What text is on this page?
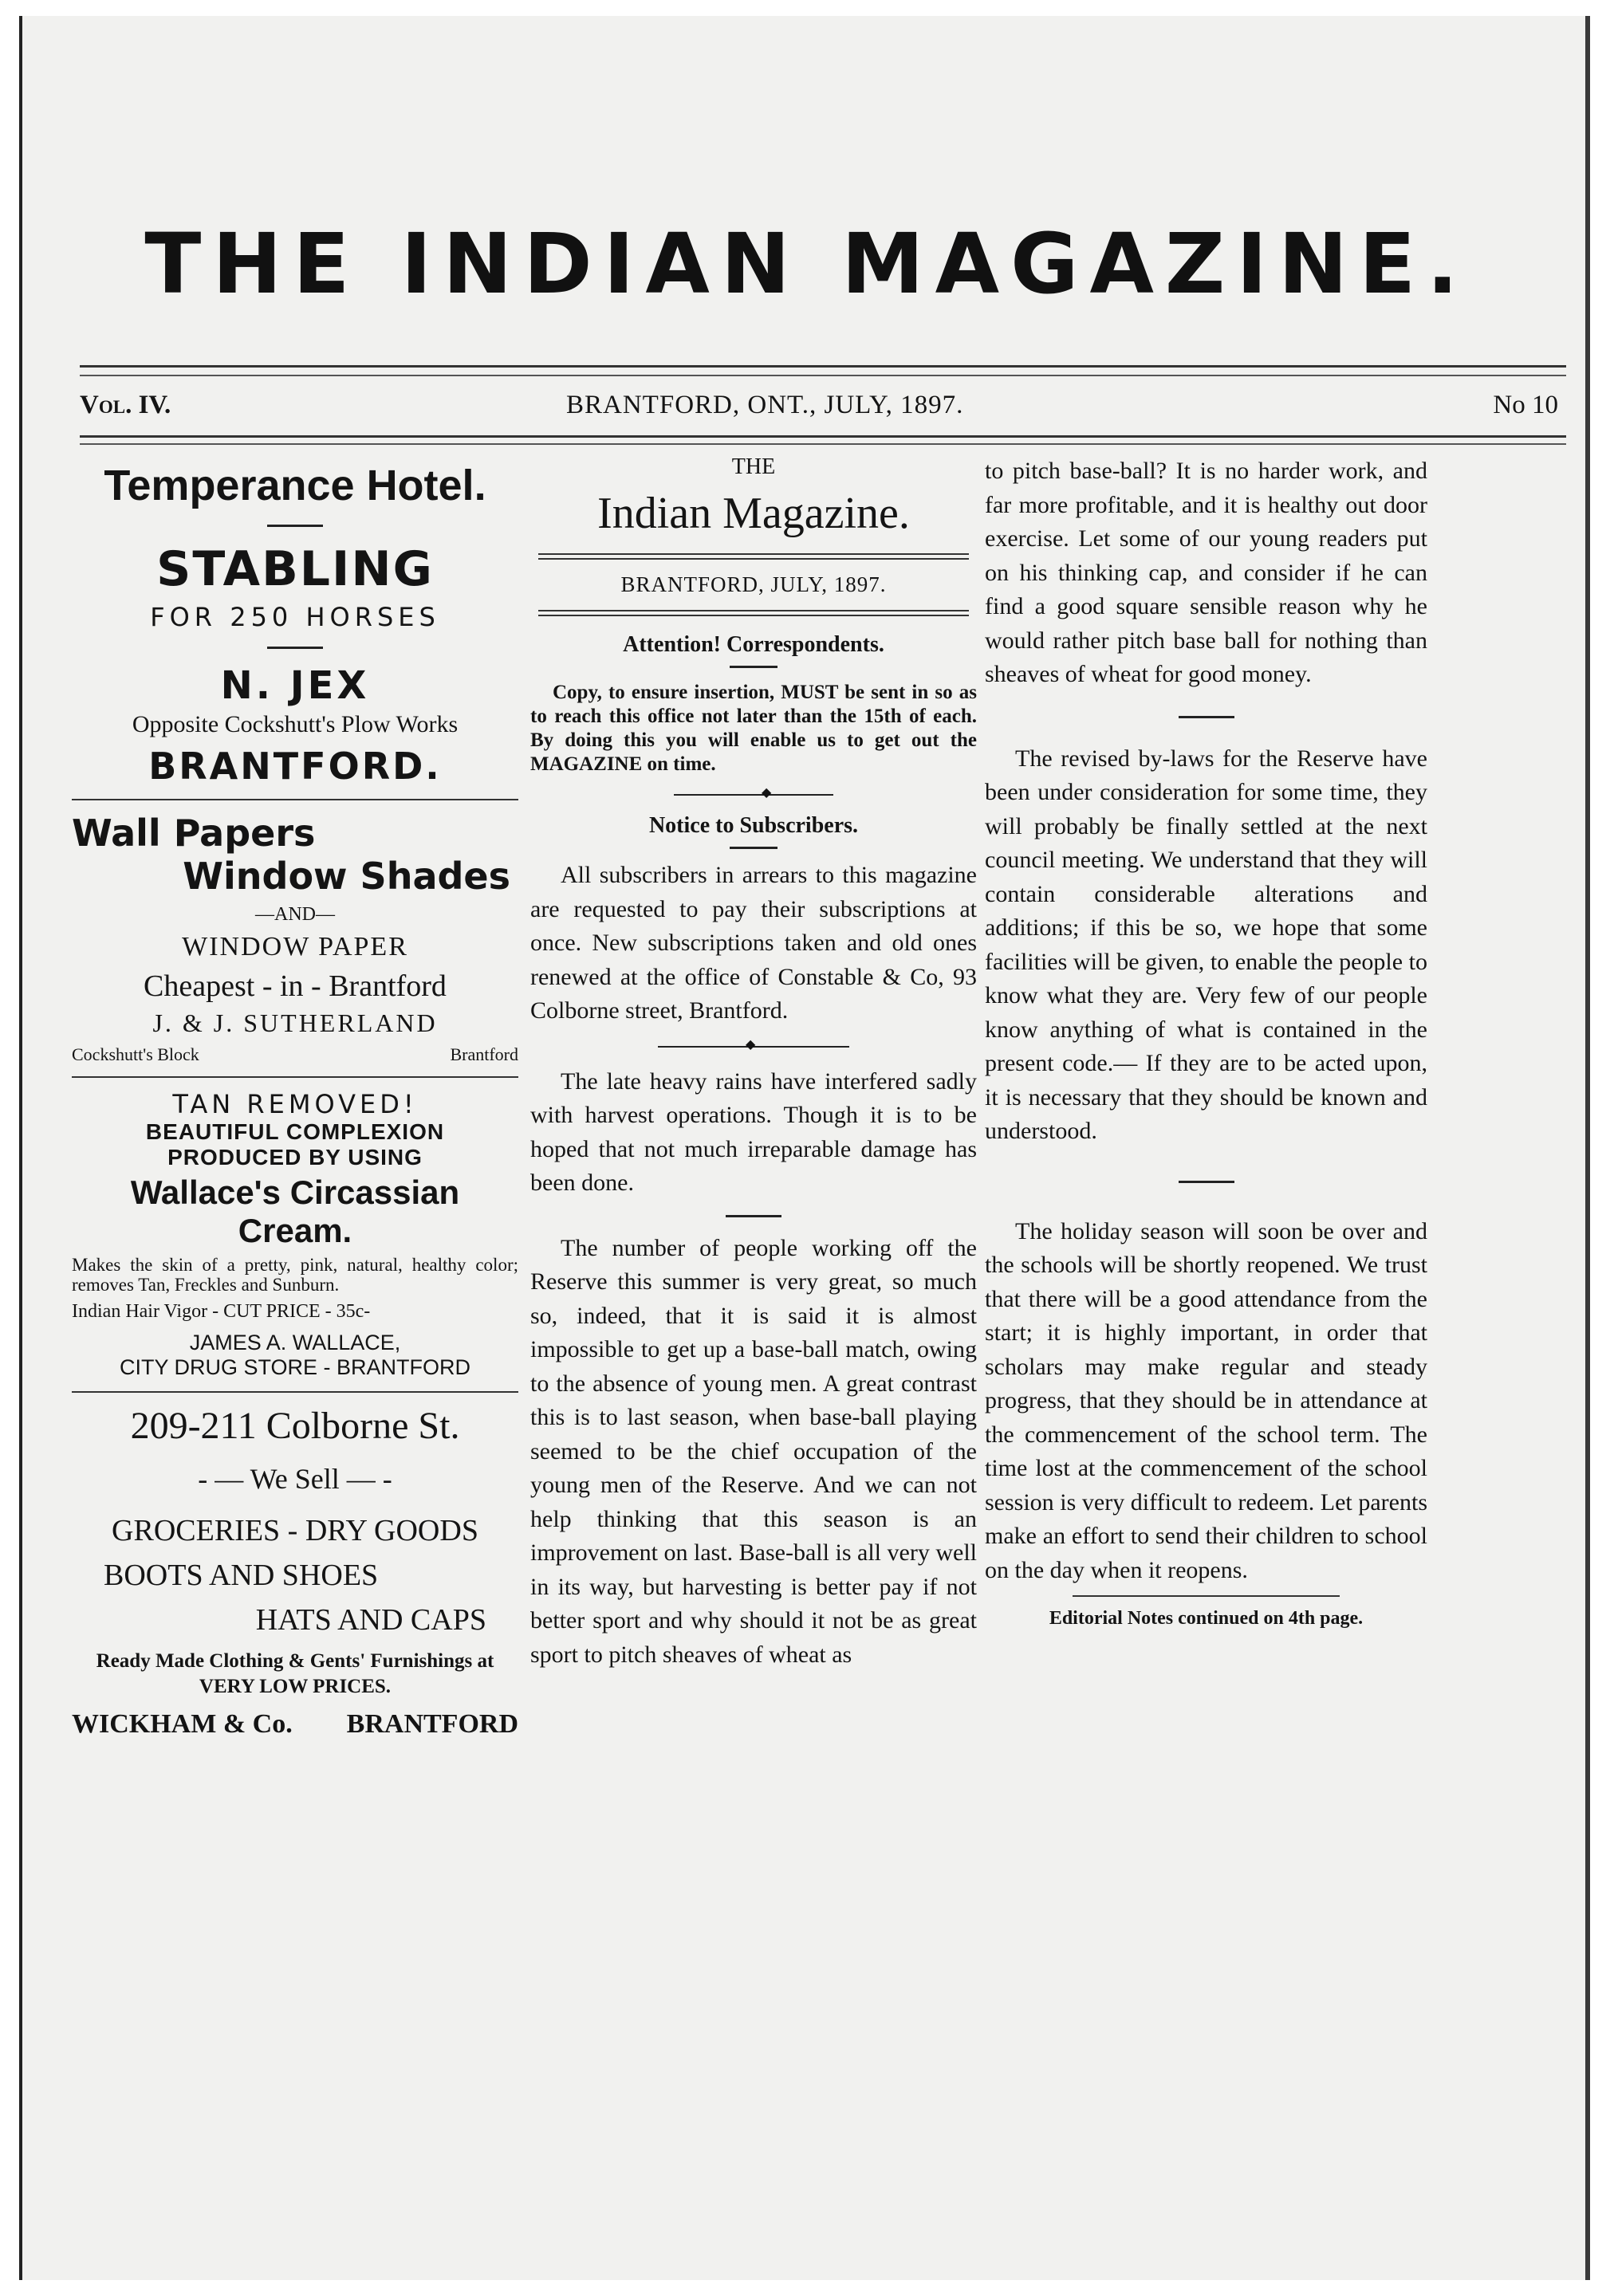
THE INDIAN MAGAZINE.
Vol. IV.	BRANTFORD, ONT., JULY, 1897.	No 10
Temperance Hotel.
STABLING
FOR 250 HORSES
N. JEX
Opposite Cockshutt's Plow Works
BRANTFORD.
Wall Papers
Window Shades
—AND—
WINDOW PAPER
Cheapest - in - Brantford
J. & J. SUTHERLAND
Cockshutt's Block	Brantford
TAN REMOVED!
BEAUTIFUL COMPLEXION
PRODUCED BY USING
Wallace's Circassian Cream.
Makes the skin of a pretty, pink, natural, healthy color; removes Tan, Freckles and Sunburn.
Indian Hair Vigor - CUT PRICE - 35c-
JAMES A. WALLACE,
CITY DRUG STORE - BRANTFORD
209-211 Colborne St.
- — We Sell — -
GROCERIES - DRY GOODS
BOOTS AND SHOES
HATS AND CAPS
Ready Made Clothing & Gents' Furnishings at VERY LOW PRICES.
WICKHAM & Co. BRANTFORD
THE
Indian Magazine.
BRANTFORD, JULY, 1897.
Attention! Correspondents.

Copy, to ensure insertion, MUST be sent in so as to reach this office not later than the 15th of each. By doing this you will enable us to get out the MAGAZINE on time.

◆
Notice to Subscribers.

All subscribers in arrears to this magazine are requested to pay their subscriptions at once. New subscriptions taken and old ones renewed at the office of Constable & Co, 93 Colborne street, Brantford.

◆

The late heavy rains have interfered sadly with harvest operations. Though it is to be hoped that not much irreparable damage has been done.

The number of people working off the Reserve this summer is very great, so much so, indeed, that it is said it is almost impossible to get up a base-ball match, owing to the absence of young men. A great contrast this is to last season, when base-ball playing seemed to be the chief occupation of the young men of the Reserve. And we can not help thinking that this season is an improvement on last. Base-ball is all very well in its way, but harvesting is better pay if not better sport and why should it not be as great sport to pitch sheaves of wheat as

to pitch base-ball? It is no harder work, and far more profitable, and it is healthy out door exercise. Let some of our young readers put on his thinking cap, and consider if he can find a good square sensible reason why he would rather pitch base ball for nothing than sheaves of wheat for good money.

The revised by-laws for the Reserve have been under consideration for some time, they will probably be finally settled at the next council meeting. We understand that they will contain considerable alterations and additions; if this be so, we hope that some facilities will be given, to enable the people to know what they are. Very few of our people know anything of what is contained in the present code.— If they are to be acted upon, it is necessary that they should be known and understood.

The holiday season will soon be over and the schools will be shortly reopened. We trust that there will be a good attendance from the start; it is highly important, in order that scholars may make regular and steady progress, that they should be in attendance at the commencement of the school term. The time lost at the commencement of the school session is very difficult to redeem. Let parents make an effort to send their children to school on the day when it reopens.

Editorial Notes continued on 4th page.
